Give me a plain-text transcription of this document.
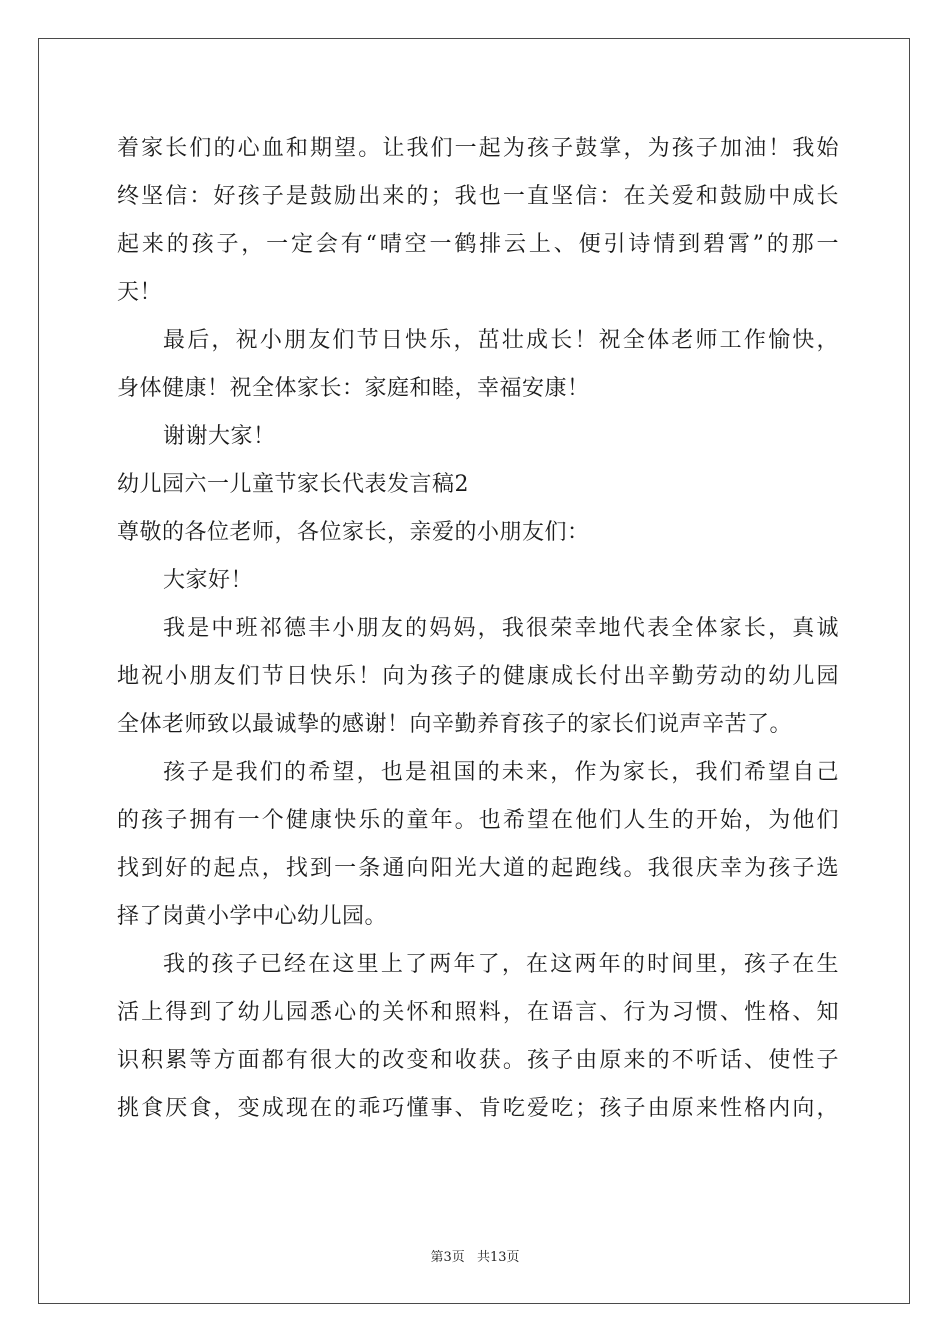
着家长们的心血和期望。让我们一起为孩子鼓掌，为孩子加油！我始
终坚信：好孩子是鼓励出来的；我也一直坚信：在关爱和鼓励中成长
起来的孩子，一定会有“晴空一鹤排云上、便引诗情到碧霄”的那一
天！
最后，祝小朋友们节日快乐，茁壮成长！祝全体老师工作愉快，
身体健康！祝全体家长：家庭和睦，幸福安康！
谢谢大家！
幼儿园六一儿童节家长代表发言稿2
尊敬的各位老师，各位家长，亲爱的小朋友们：
大家好！
我是中班祁德丰小朋友的妈妈，我很荣幸地代表全体家长，真诚
地祝小朋友们节日快乐！向为孩子的健康成长付出辛勤劳动的幼儿园
全体老师致以最诚挚的感谢！向辛勤养育孩子的家长们说声辛苦了。
孩子是我们的希望，也是祖国的未来，作为家长，我们希望自己
的孩子拥有一个健康快乐的童年。也希望在他们人生的开始，为他们
找到好的起点，找到一条通向阳光大道的起跑线。我很庆幸为孩子选
择了岗黄小学中心幼儿园。
我的孩子已经在这里上了两年了，在这两年的时间里，孩子在生
活上得到了幼儿园悉心的关怀和照料，在语言、行为习惯、性格、知
识积累等方面都有很大的改变和收获。孩子由原来的不听话、使性子
挑食厌食，变成现在的乖巧懂事、肯吃爱吃；孩子由原来性格内向，
第3页 共13页
